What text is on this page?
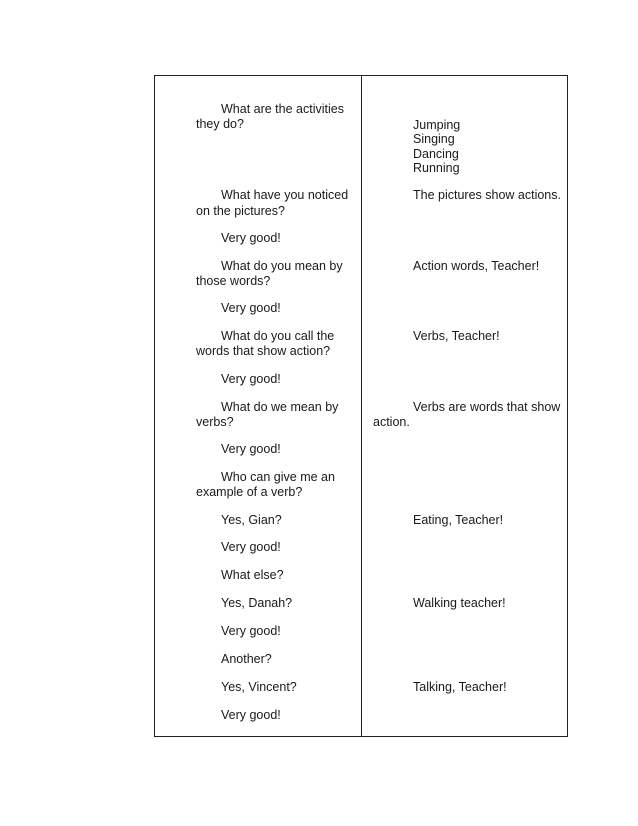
What are the activities
they do?
What have you noticed
on the pictures?
Very good!
What do you mean by
those words?
Very good!
What do you call the
words that show action?
Very good!
What do we mean by
verbs?
Very good!
Who can give me an
example of a verb?
Yes, Gian?
Very good!
What else?
Yes, Danah?
Very good!
Another?
Yes, Vincent?
Very good!
Jumping
Singing
Dancing
Running
The pictures show actions.
Action words, Teacher!
Verbs, Teacher!
Verbs are words that show
action.
Eating, Teacher!
Walking teacher!
Talking, Teacher!
